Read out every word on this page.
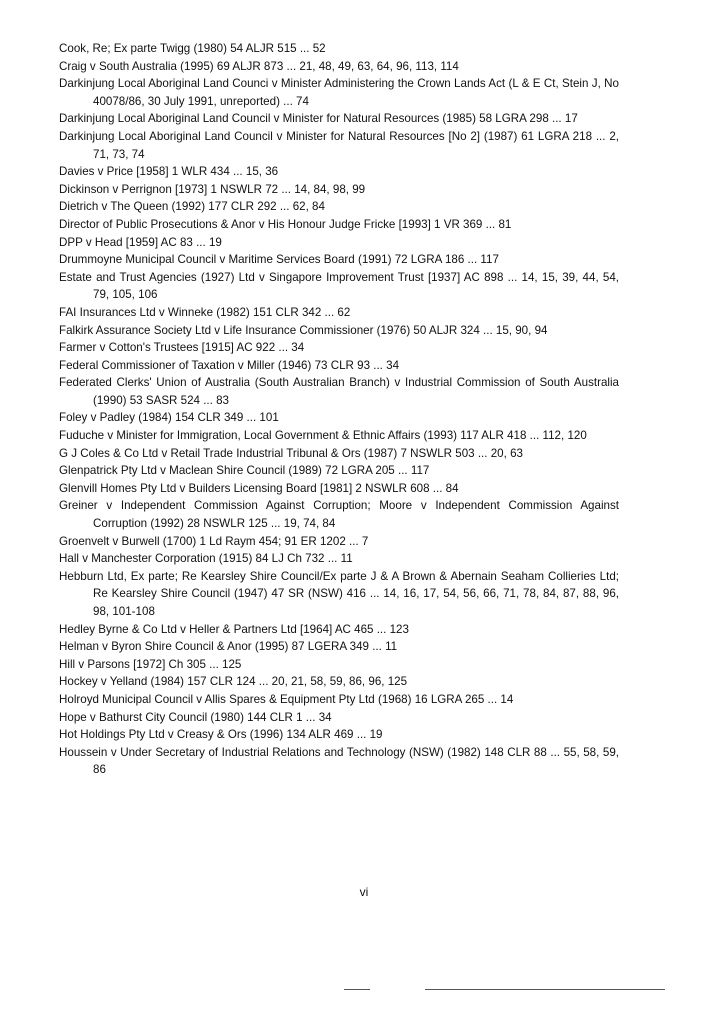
Cook, Re; Ex parte Twigg (1980) 54 ALJR 515 ... 52

Craig v South Australia (1995) 69 ALJR 873 ... 21, 48, 49, 63, 64, 96, 113, 114

Darkinjung Local Aboriginal Land Counci v Minister Administering the Crown Lands Act (L & E Ct, Stein J, No 40078/86, 30 July 1991, unreported) ... 74

Darkinjung Local Aboriginal Land Council v Minister for Natural Resources (1985) 58 LGRA 298 ... 17

Darkinjung Local Aboriginal Land Council v Minister for Natural Resources [No 2] (1987) 61 LGRA 218 ... 2, 71, 73, 74

Davies v Price [1958] 1 WLR 434 ... 15, 36

Dickinson v Perrignon [1973] 1 NSWLR 72 ... 14, 84, 98, 99

Dietrich v The Queen (1992) 177 CLR 292 ... 62, 84

Director of Public Prosecutions & Anor v His Honour Judge Fricke [1993] 1 VR 369 ... 81

DPP v Head [1959] AC 83 ... 19

Drummoyne Municipal Council v Maritime Services Board (1991) 72 LGRA 186 ... 117

Estate and Trust Agencies (1927) Ltd v Singapore Improvement Trust [1937] AC 898 ... 14, 15, 39, 44, 54, 79, 105, 106

FAI Insurances Ltd v Winneke (1982) 151 CLR 342 ... 62

Falkirk Assurance Society Ltd v Life Insurance Commissioner (1976) 50 ALJR 324 ... 15, 90, 94

Farmer v Cotton's Trustees [1915] AC 922 ... 34

Federal Commissioner of Taxation v Miller (1946) 73 CLR 93 ... 34

Federated Clerks' Union of Australia (South Australian Branch) v Industrial Commission of South Australia (1990) 53 SASR 524 ... 83

Foley v Padley (1984) 154 CLR 349 ... 101

Fuduche v Minister for Immigration, Local Government & Ethnic Affairs (1993) 117 ALR 418 ... 112, 120

G J Coles & Co Ltd v Retail Trade Industrial Tribunal & Ors (1987) 7 NSWLR 503 ... 20, 63

Glenpatrick Pty Ltd v Maclean Shire Council (1989) 72 LGRA 205 ... 117

Glenvill Homes Pty Ltd v Builders Licensing Board [1981] 2 NSWLR 608 ... 84

Greiner v Independent Commission Against Corruption; Moore v Independent Commission Against Corruption (1992) 28 NSWLR 125 ... 19, 74, 84

Groenvelt v Burwell (1700) 1 Ld Raym 454; 91 ER 1202 ... 7

Hall v Manchester Corporation (1915) 84 LJ Ch 732 ... 11

Hebburn Ltd, Ex parte; Re Kearsley Shire Council/Ex parte J & A Brown & Abernain Seaham Collieries Ltd; Re Kearsley Shire Council (1947) 47 SR (NSW) 416 ... 14, 16, 17, 54, 56, 66, 71, 78, 84, 87, 88, 96, 98, 101-108

Hedley Byrne & Co Ltd v Heller & Partners Ltd [1964] AC 465 ... 123

Helman v Byron Shire Council & Anor (1995) 87 LGERA 349 ... 11

Hill v Parsons [1972] Ch 305 ... 125

Hockey v Yelland (1984) 157 CLR 124 ... 20, 21, 58, 59, 86, 96, 125

Holroyd Municipal Council v Allis Spares & Equipment Pty Ltd (1968) 16 LGRA 265 ... 14

Hope v Bathurst City Council (1980) 144 CLR 1 ... 34

Hot Holdings Pty Ltd v Creasy & Ors (1996) 134 ALR 469 ... 19

Houssein v Under Secretary of Industrial Relations and Technology (NSW) (1982) 148 CLR 88 ... 55, 58, 59, 86

vi
